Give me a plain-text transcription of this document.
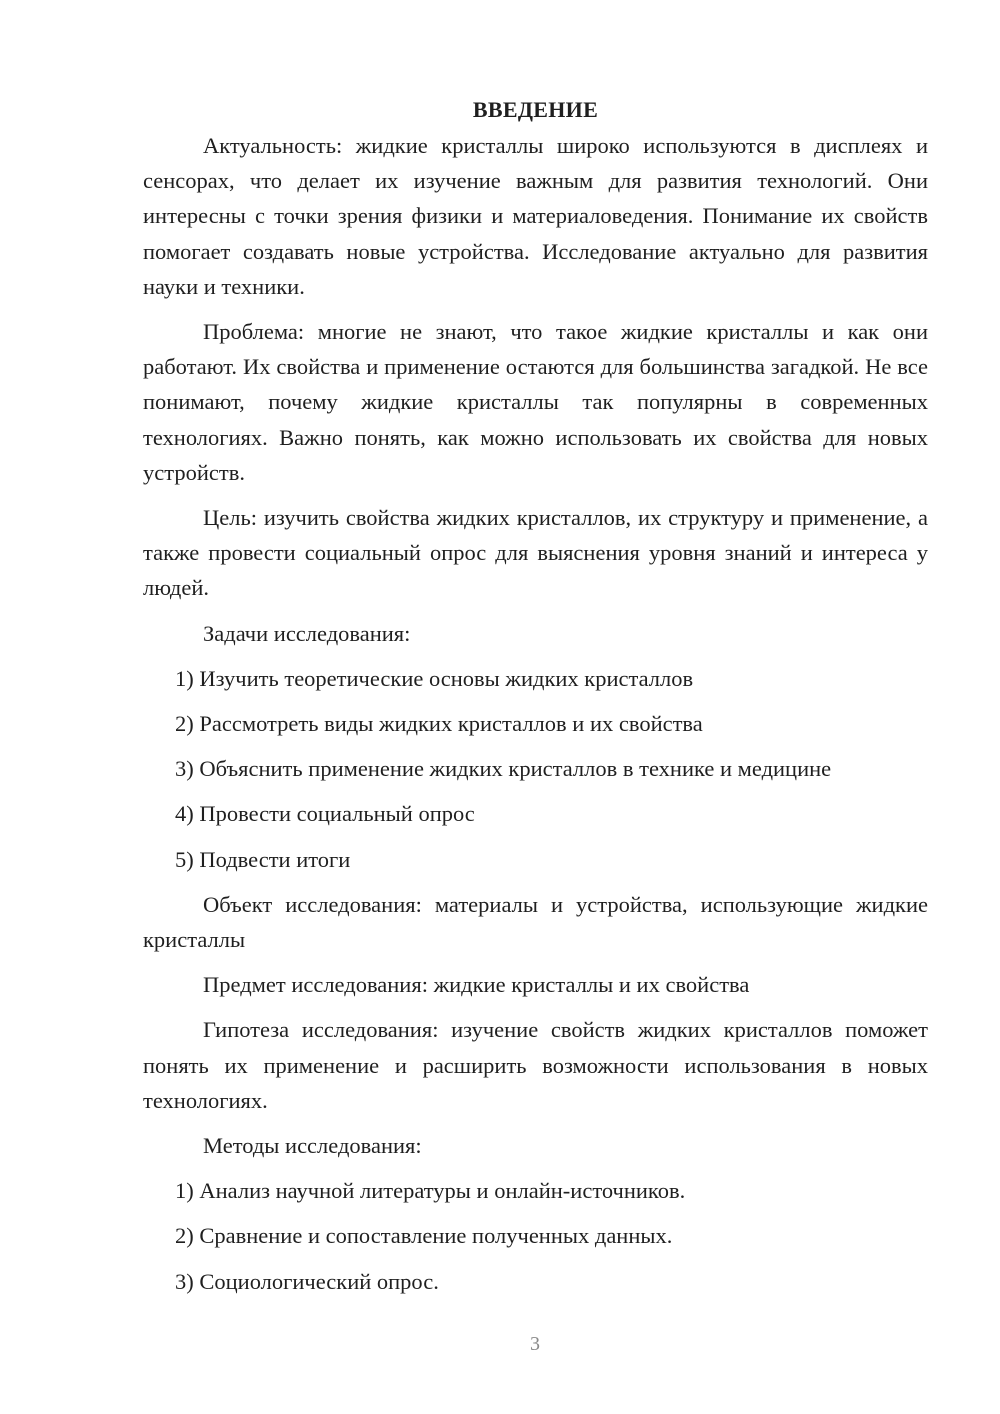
ВВЕДЕНИЕ

Актуальность: жидкие кристаллы широко используются в дисплеях и сенсорах, что делает их изучение важным для развития технологий. Они интересны с точки зрения физики и материаловедения. Понимание их свойств помогает создавать новые устройства. Исследование актуально для развития науки и техники.

Проблема: многие не знают, что такое жидкие кристаллы и как они работают. Их свойства и применение остаются для большинства загадкой. Не все понимают, почему жидкие кристаллы так популярны в современных технологиях. Важно понять, как можно использовать их свойства для новых устройств.

Цель: изучить свойства жидких кристаллов, их структуру и применение, а также провести социальный опрос для выяснения уровня знаний и интереса у людей.

Задачи исследования:

1) Изучить теоретические основы жидких кристаллов
2) Рассмотреть виды жидких кристаллов и их свойства
3) Объяснить применение жидких кристаллов в технике и медицине
4) Провести социальный опрос
5) Подвести итоги

Объект исследования: материалы и устройства, использующие жидкие кристаллы

Предмет исследования: жидкие кристаллы и их свойства

Гипотеза исследования: изучение свойств жидких кристаллов поможет понять их применение и расширить возможности использования в новых технологиях.

Методы исследования:

1) Анализ научной литературы и онлайн-источников.
2) Сравнение и сопоставление полученных данных.
3) Социологический опрос.
3
